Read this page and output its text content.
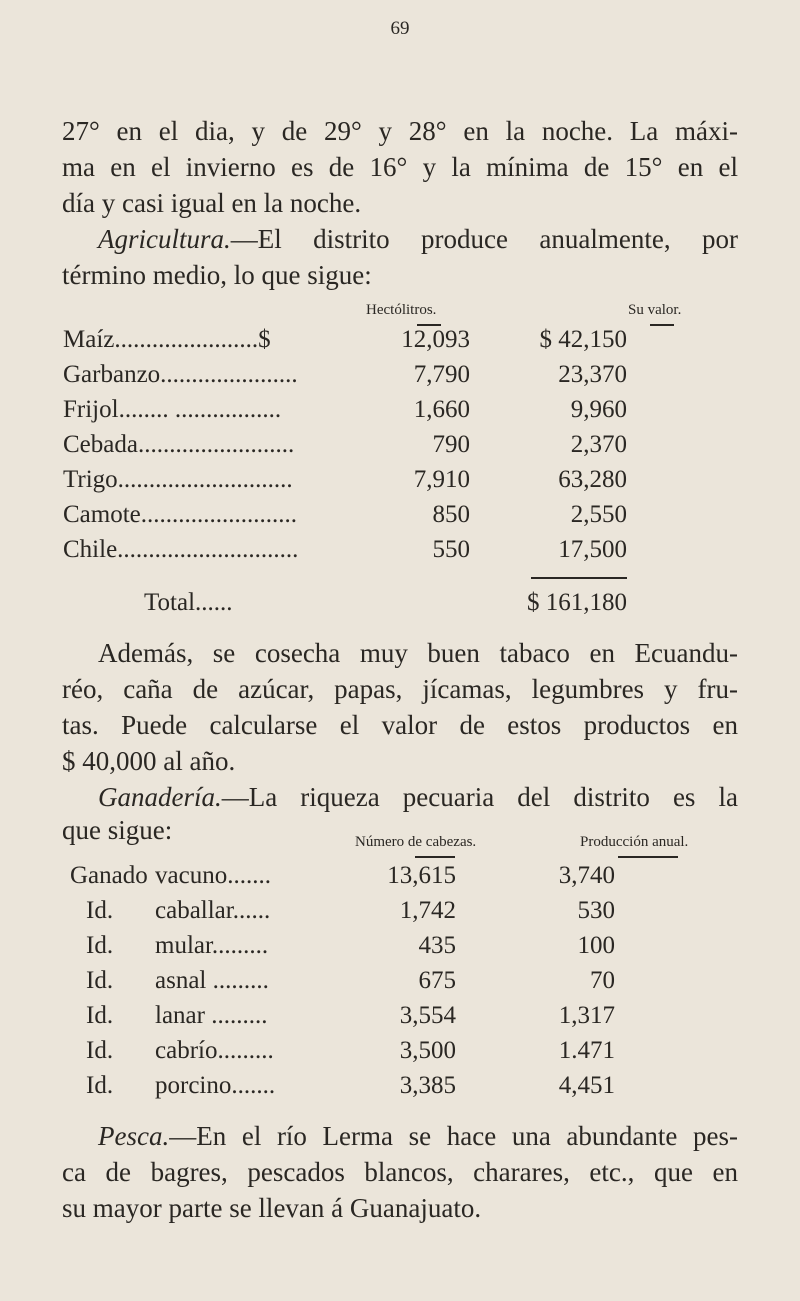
69
27° en el dia, y de 29° y 28° en la noche. La máxi-
ma en el invierno es de 16° y la mínima de 15° en el
día y casi igual en la noche.
Agricultura.—El distrito produce anualmente, por
término medio, lo que sigue:
Hectólitros.	Su valor.
Maíz.......................$	12,093	$ 42,150
Garbanzo......................	7,790	23,370
Frijol........ .................	1,660	9,960
Cebada.........................	790	2,370
Trigo............................	7,910	63,280
Camote.........................	850	2,550
Chile.............................	550	17,500
Total......	$ 161,180
Además, se cosecha muy buen tabaco en Ecuandu-
réo, caña de azúcar, papas, jícamas, legumbres y fru-
tas. Puede calcularse el valor de estos productos en
$ 40,000 al año.
Ganadería.—La riqueza pecuaria del distrito es la
que sigue:	Número de cabezas.	Producción anual.
Ganado vacuno.......	13,615	3,740
Id. caballar......	1,742	530
Id. mular.........	435	100
Id. asnal .........	675	70
Id. lanar .........	3,554	1,317
Id. cabrío.........	3,500	1.471
Id. porcino.......	3,385	4,451
Pesca.—En el río Lerma se hace una abundante pes-
ca de bagres, pescados blancos, charares, etc., que en
su mayor parte se llevan á Guanajuato.
